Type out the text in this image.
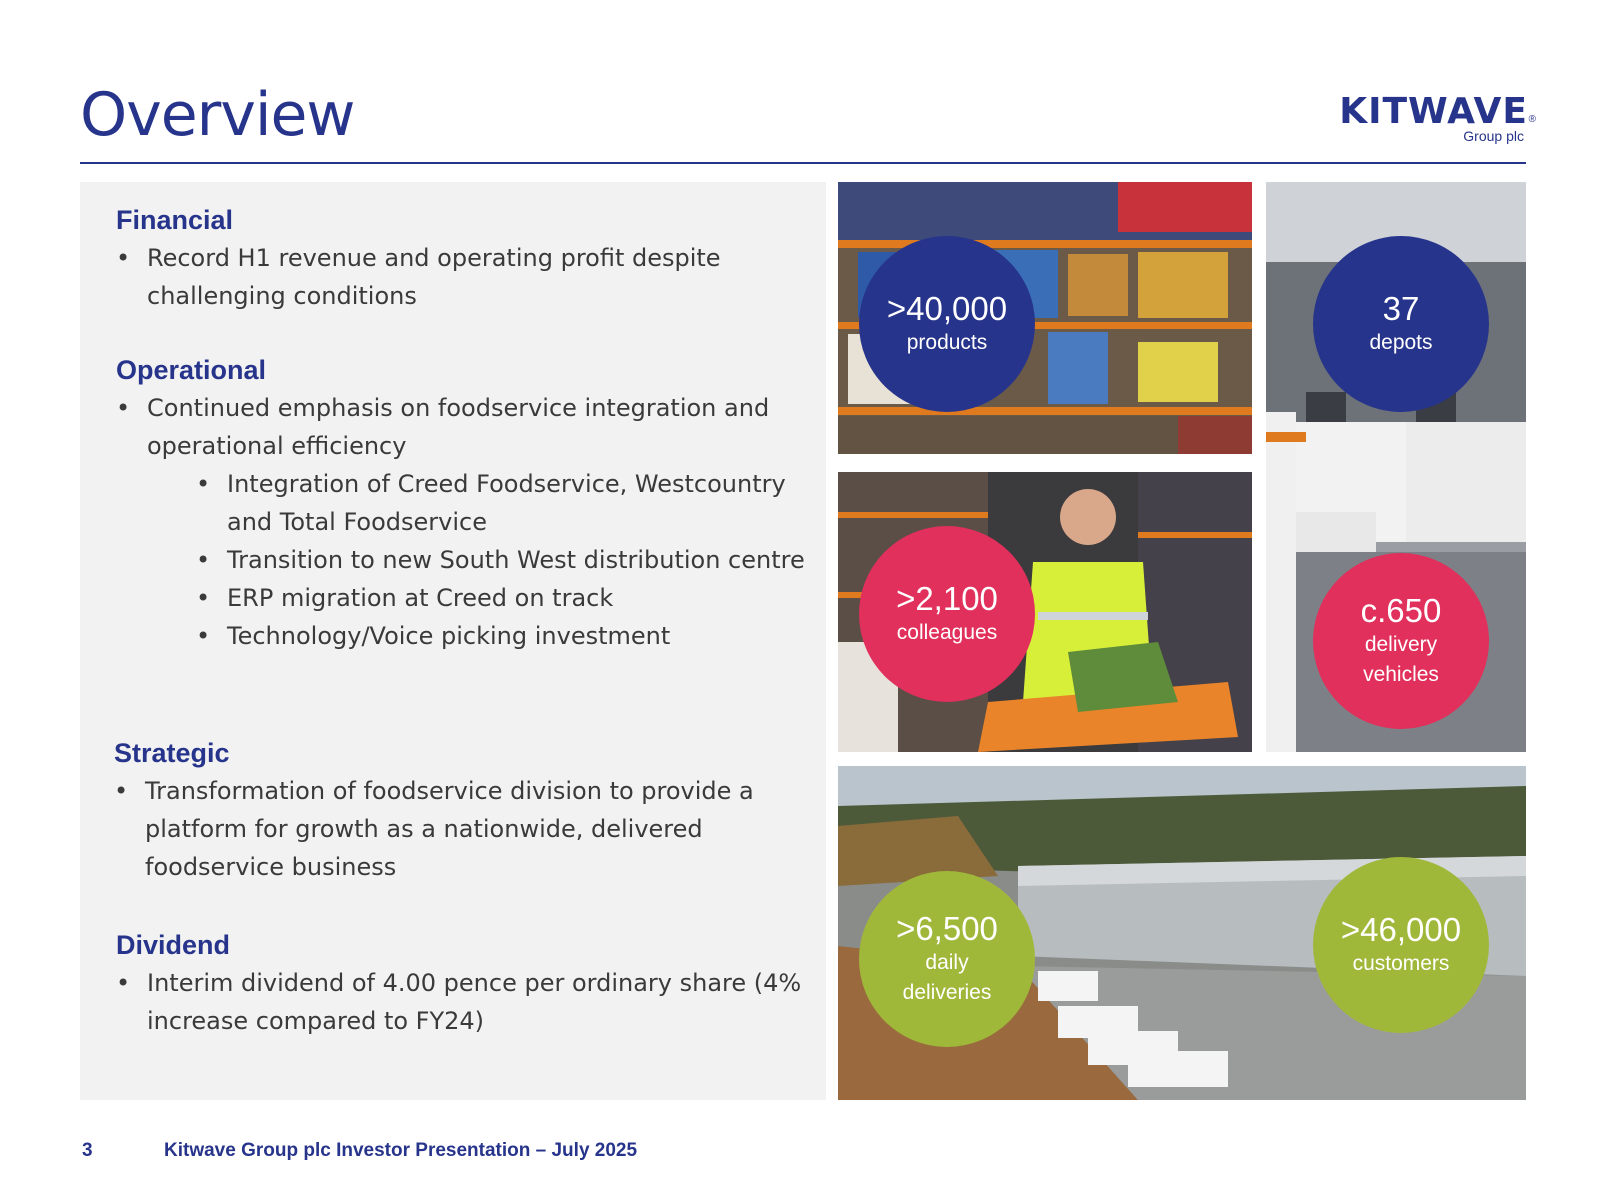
Overview	KITWAVE
Group plc
®
Financial
• Record H1 revenue and operating profit despite challenging conditions
Operational
• Continued emphasis on foodservice integration and operational efficiency
• Integration of Creed Foodservice, Westcountry and Total Foodservice
• Transition to new South West distribution centre
• ERP migration at Creed on track
• Technology/Voice picking investment
Strategic
• Transformation of foodservice division to provide a platform for growth as a nationwide, delivered foodservice business
Dividend
• Interim dividend of 4.00 pence per ordinary share (4% increase compared to FY24)
>40,000
products
37
depots
>2,100
colleagues
c.650
delivery
vehicles
>6,500
daily
deliveries
>46,000
customers
3	Kitwave Group plc Investor Presentation – July 2025
